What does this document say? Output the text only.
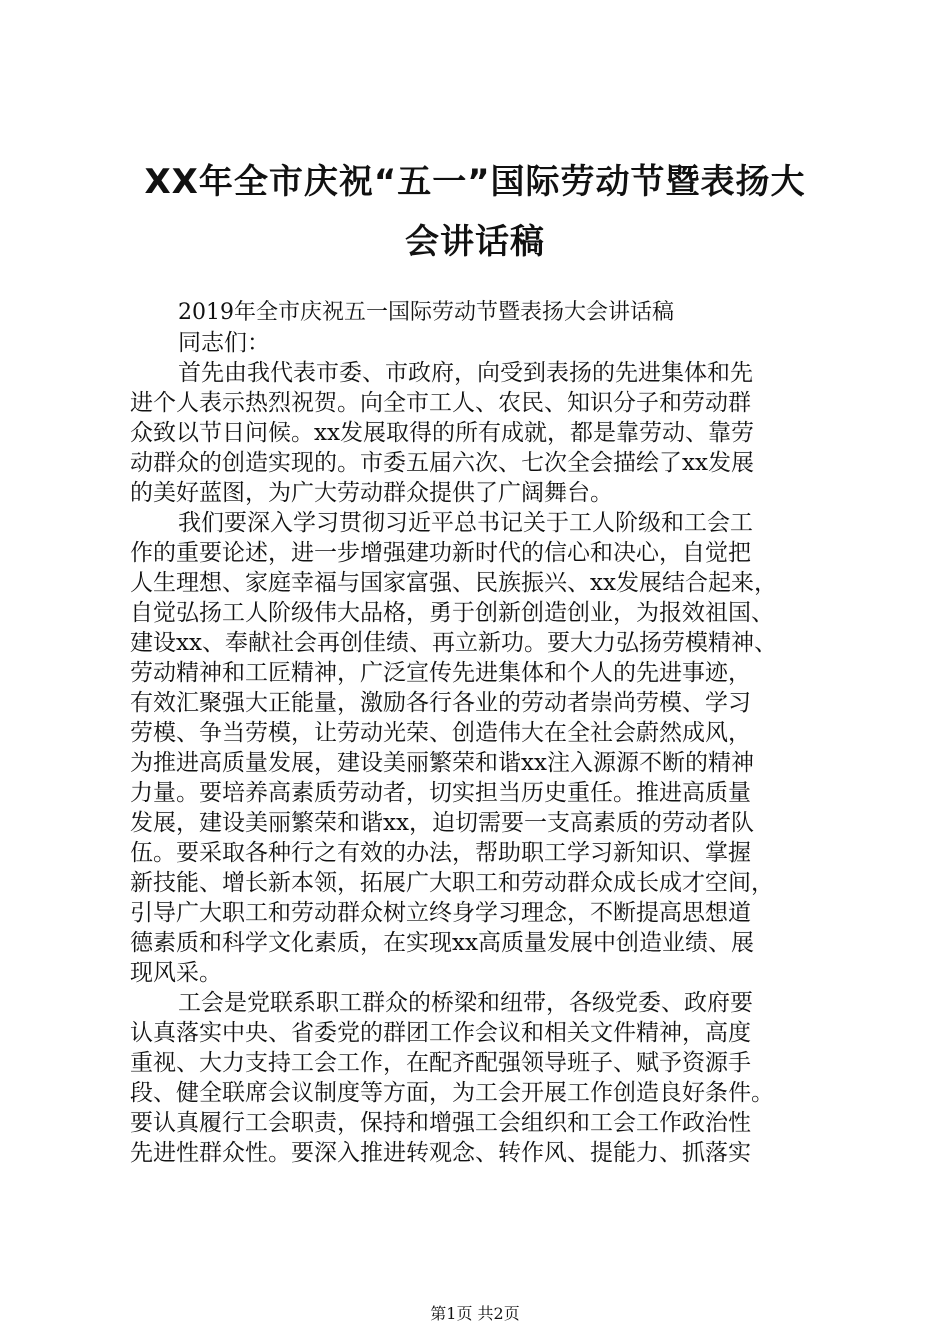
XX年全市庆祝“五一”国际劳动节暨表扬大
会讲话稿
2019年全市庆祝五一国际劳动节暨表扬大会讲话稿
同志们：
首先由我代表市委、市政府，向受到表扬的先进集体和先
进个人表示热烈祝贺。向全市工人、农民、知识分子和劳动群
众致以节日问候。xx发展取得的所有成就，都是靠劳动、靠劳
动群众的创造实现的。市委五届六次、七次全会描绘了xx发展
的美好蓝图，为广大劳动群众提供了广阔舞台。
我们要深入学习贯彻习近平总书记关于工人阶级和工会工
作的重要论述，进一步增强建功新时代的信心和决心，自觉把
人生理想、家庭幸福与国家富强、民族振兴、xx发展结合起来，
自觉弘扬工人阶级伟大品格，勇于创新创造创业，为报效祖国、
建设xx、奉献社会再创佳绩、再立新功。要大力弘扬劳模精神、
劳动精神和工匠精神，广泛宣传先进集体和个人的先进事迹，
有效汇聚强大正能量，激励各行各业的劳动者崇尚劳模、学习
劳模、争当劳模，让劳动光荣、创造伟大在全社会蔚然成风，
为推进高质量发展，建设美丽繁荣和谐xx注入源源不断的精神
力量。要培养高素质劳动者，切实担当历史重任。推进高质量
发展，建设美丽繁荣和谐xx，迫切需要一支高素质的劳动者队
伍。要采取各种行之有效的办法，帮助职工学习新知识、掌握
新技能、增长新本领，拓展广大职工和劳动群众成长成才空间，
引导广大职工和劳动群众树立终身学习理念，不断提高思想道
德素质和科学文化素质，在实现xx高质量发展中创造业绩、展
现风采。
工会是党联系职工群众的桥梁和纽带，各级党委、政府要
认真落实中央、省委党的群团工作会议和相关文件精神，高度
重视、大力支持工会工作，在配齐配强领导班子、赋予资源手
段、健全联席会议制度等方面，为工会开展工作创造良好条件。
要认真履行工会职责，保持和增强工会组织和工会工作政治性
先进性群众性。要深入推进转观念、转作风、提能力、抓落实
第1页 共2页
